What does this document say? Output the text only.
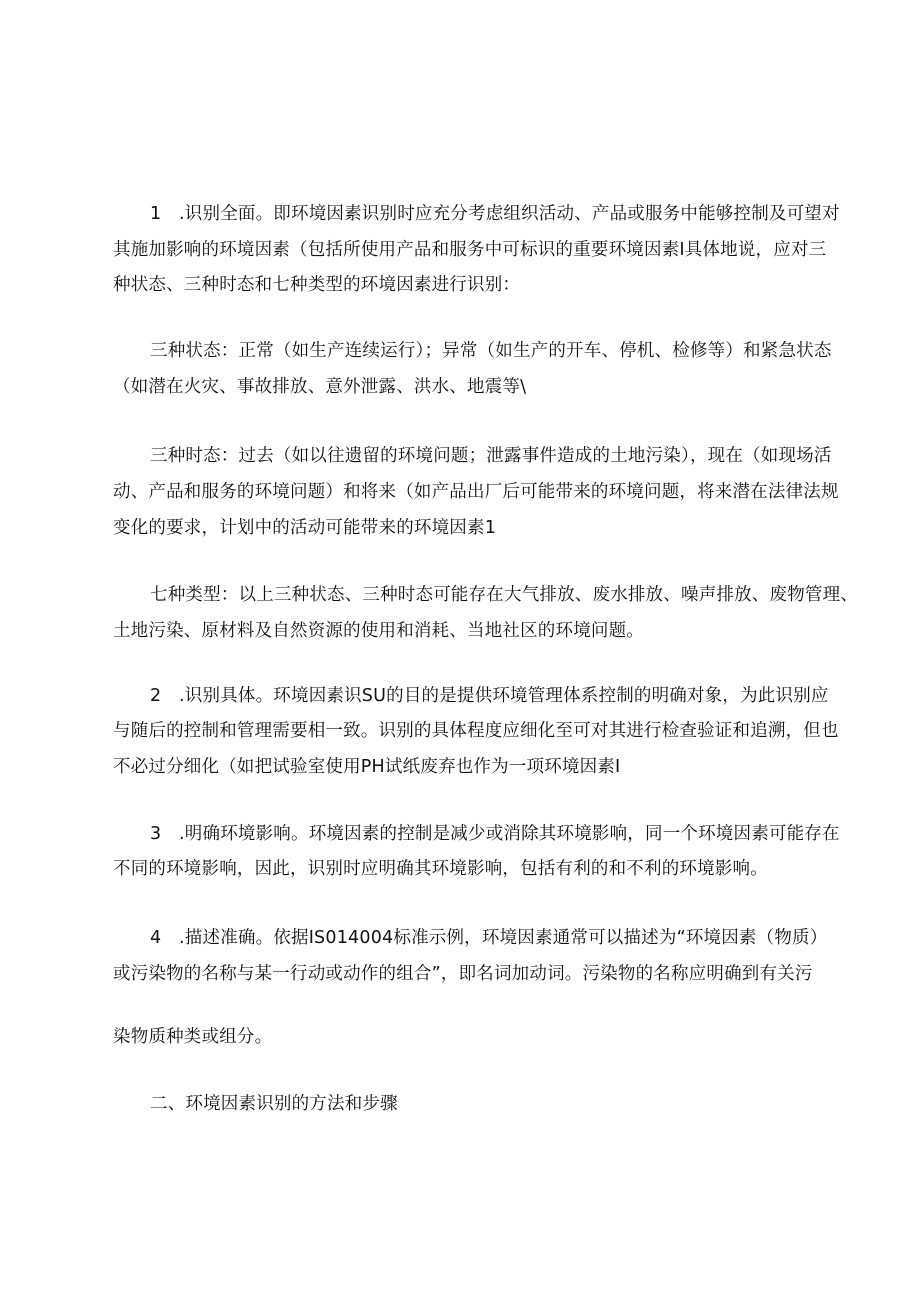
1　.识别全面。即环境因素识别时应充分考虑组织活动、产品或服务中能够控制及可望对
其施加影响的环境因素（包括所使用产品和服务中可标识的重要环境因素I具体地说，应对三
种状态、三种时态和七种类型的环境因素进行识别：
三种状态：正常（如生产连续运行）；异常（如生产的开车、停机、检修等）和紧急状态
（如潜在火灾、事故排放、意外泄露、洪水、地震等\
三种时态：过去（如以往遗留的环境问题；泄露事件造成的土地污染），现在（如现场活
动、产品和服务的环境问题）和将来（如产品出厂后可能带来的环境问题，将来潜在法律法规
变化的要求，计划中的活动可能带来的环境因素1
七种类型：以上三种状态、三种时态可能存在大气排放、废水排放、噪声排放、废物管理、
土地污染、原材料及自然资源的使用和消耗、当地社区的环境问题。
2　.识别具体。环境因素识SU的目的是提供环境管理体系控制的明确对象，为此识别应
与随后的控制和管理需要相一致。识别的具体程度应细化至可对其进行检查验证和追溯，但也
不必过分细化（如把试验室使用PH试纸废弃也作为一项环境因素I
3　.明确环境影响。环境因素的控制是减少或消除其环境影响，同一个环境因素可能存在
不同的环境影响，因此，识别时应明确其环境影响，包括有利的和不利的环境影响。
4　.描述准确。依据IS014004标准示例，环境因素通常可以描述为“环境因素（物质）
或污染物的名称与某一行动或动作的组合”，即名词加动词。污染物的名称应明确到有关污
染物质种类或组分。
二、环境因素识别的方法和步骤
